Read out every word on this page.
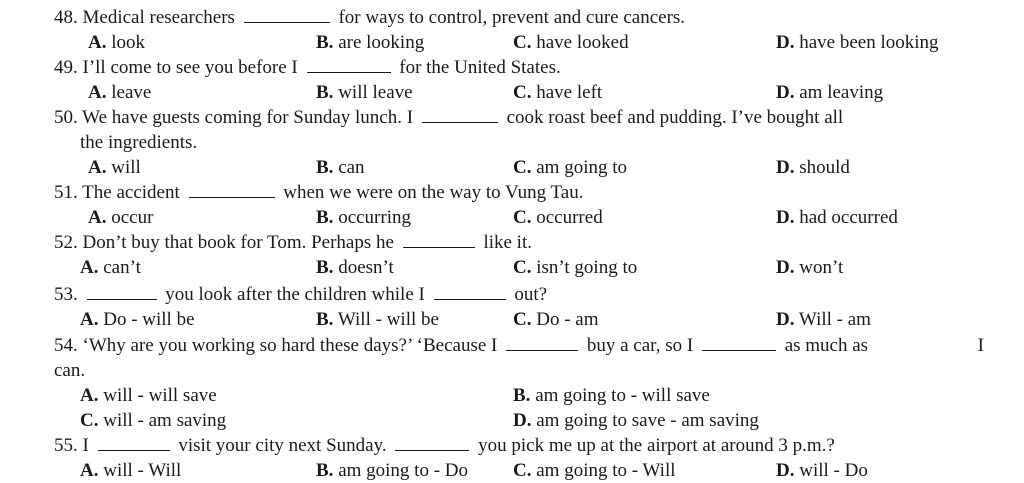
48. Medical researchers	for ways to control, prevent and cure cancers.
A. look	B. are looking	C. have looked	D. have been looking
49. I’ll come to see you before I	for the United States.
A. leave	B. will leave	C. have left	D. am leaving
50. We have guests coming for Sunday lunch. I	cook roast beef and pudding. I’ve bought all
the ingredients.
A. will	B. can	C. am going to	D. should
51. The accident	when we were on the way to Vung Tau.
A. occur	B. occurring	C. occurred	D. had occurred
52. Don’t buy that book for Tom. Perhaps he	like it.
A. can’t	B. doesn’t	C. isn’t going to	D. won’t
53.	you look after the children while I	out?
A. Do - will be	B. Will - will be	C. Do - am	D. Will - am
54. ‘Why are you working so hard these days?’ ‘Because I	buy a car, so I	as much as	I
can.
A. will - will save	B. am going to - will save
C. will - am saving	D. am going to save - am saving
55. I	visit your city next Sunday.	you pick me up at the airport at around 3 p.m.?
A. will - Will	B. am going to - Do C. am going to - Will	D. will - Do
